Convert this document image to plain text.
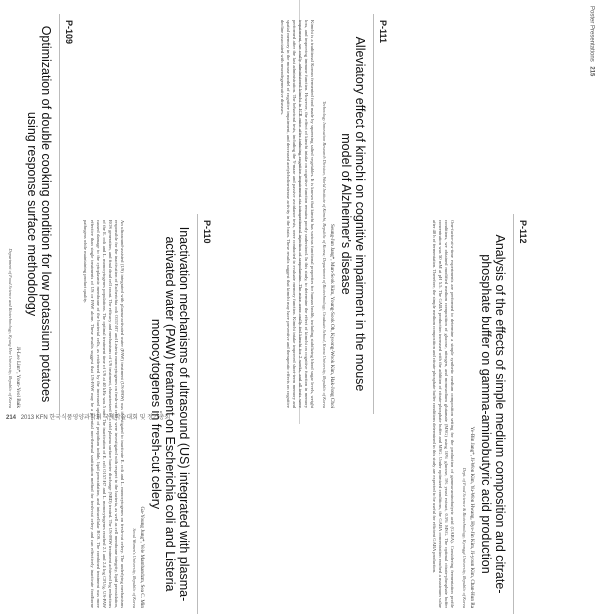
P-109
Optimization of double cooking condition for low potassium potatoes using response surface methodology
Ji-Lee Lim*, Youn-Yeol Baik
Department of Food Science and Biotechnology, Kyung Hee University, Republic of Korea
P-110
Inactivation mechanisms of ultrasound (US) integrated with plasma-activated water (PAW) treatment on Escherichia coli and Listeria monocytogenes in fresh-cut celery
Ga-Young Jung*, Vele Mambandzm, Sea C. Min
Seoul Women's University, Republic of Korea
An ultrasound-assisted (US) integrated with plasma-activated water (PAW) treatment (US-PAW) was investigated to inactivate E. coli and L. monocytogenes on fresh-cut celery. The underlying mechanisms responsible for the inactivation of Escherichia coli O157:H7 and Listeria monocytogenes on fresh-cut celery were investigated with respect to the bacteria, as well as cell membrane integrity, lipid peroxidation, ROS generation, and final dead cell count. The efficacy and mechanisms of US treatment, characterized by a cold plasma surface barrier discharge (SBD) treated. The US-PAW treatment achieved log reductions of the E. coli and L. monocytogenes populations. The optimal treatment time of US at 40 kHz was 5 min. The inactivation of E. coli O157:H7 and L. monocytogenes reached 2.1 and 2.4 log CFU/g. US-PAW caused damage to the cytoplasmic membrane of the bacterial cells, as evidenced by the increased uptake of propidium iodide, lipid peroxidation, and intracellular ROS. The combined treatment was more effective than single treatments of US or PAW alone. These results suggest that US-PAW may be a potential non-thermal sanitization method for fresh-cut celery and can effectively inactivate foodborne pathogens while maintaining product quality.
P-111
Alleviatory effect of kimchi on cognitive impairment in the mouse model of Alzheimer's disease
Seung-Jun Jang*, Mun-Seok Kim, Young-Sook Oh, Kyeong-Wook Kim, Hak-Jong Choi
Technology Innovation Research Division, World Institute of Kimchi, Republic of Korea; Department of Biotechnology, Graduate School, Korea University, Republic of Korea
Kimchi is a traditional Korean fermented food made by squeezing salted vegetables. It is known that kimchi has various functional properties for human health, including stabilizing blood sugar levels, weight loss, and improving immune function. However, the effect of kimchi intake on cognitive function remains poorly understood. In this study, to determine the effect of kimchi on cognitive function in memory impairment, we orally administered kimchi to ICR mice after inducing cognitive impairment via intraperitoneal injection of scopolamine. The mice were orally fed kimchi for 2 weeks, and all tests were performed after the last administration. The behavioral tests, including the Y-maze and passive avoidance tests, were conducted to evaluate memory function. Kimchi intake improved short-term memory and spatial memory in the mouse model of cognitive impairment, and decreased acetylcholinesterase activity in the brain. These results suggest that kimchi may have preventive and therapeutic effects on cognitive decline associated with neurodegenerative diseases.
P-112
Analysis of the effects of simple medium composition and citrate-phosphate buffer on gamma-aminobutyric acid production
Ye-Bin Jang*, Ji-Won Kim, Yu-Won Hwang, Hye-Jin Kim, Ji-youn Kim, Chan-Hun Ra
Dept. of Food Science & Biotechnology, Kyonggi University, Republic of Korea
One-factor-at-a-time experiments are performed to determine a simple synthetic medium composition setting for the production of gamma-aminobutyric acid (GABA). Considering fermentation profile conditions, we obtained modified medium composition of glucose, nitrogen, and monosodium glutamate (MSG) using 10% glucose, 5% yeast extract, 0.5% MSG. The optimal citrate-phosphate buffer concentration was 50 mM at pH 5.5. The GABA production increased with the addition of citrate-phosphate buffer and MSG. Under optimized conditions, the GABA concentration reached a maximum value after 48 h of fermentation. Therefore, the simple medium composition and citrate-phosphate buffer conditions determined in this study are expected to be useful for efficient GABA production.
214 2013 KFN 한국식품영양과학회 국제학술대회 및 정기총회
Poster Presentations 215
